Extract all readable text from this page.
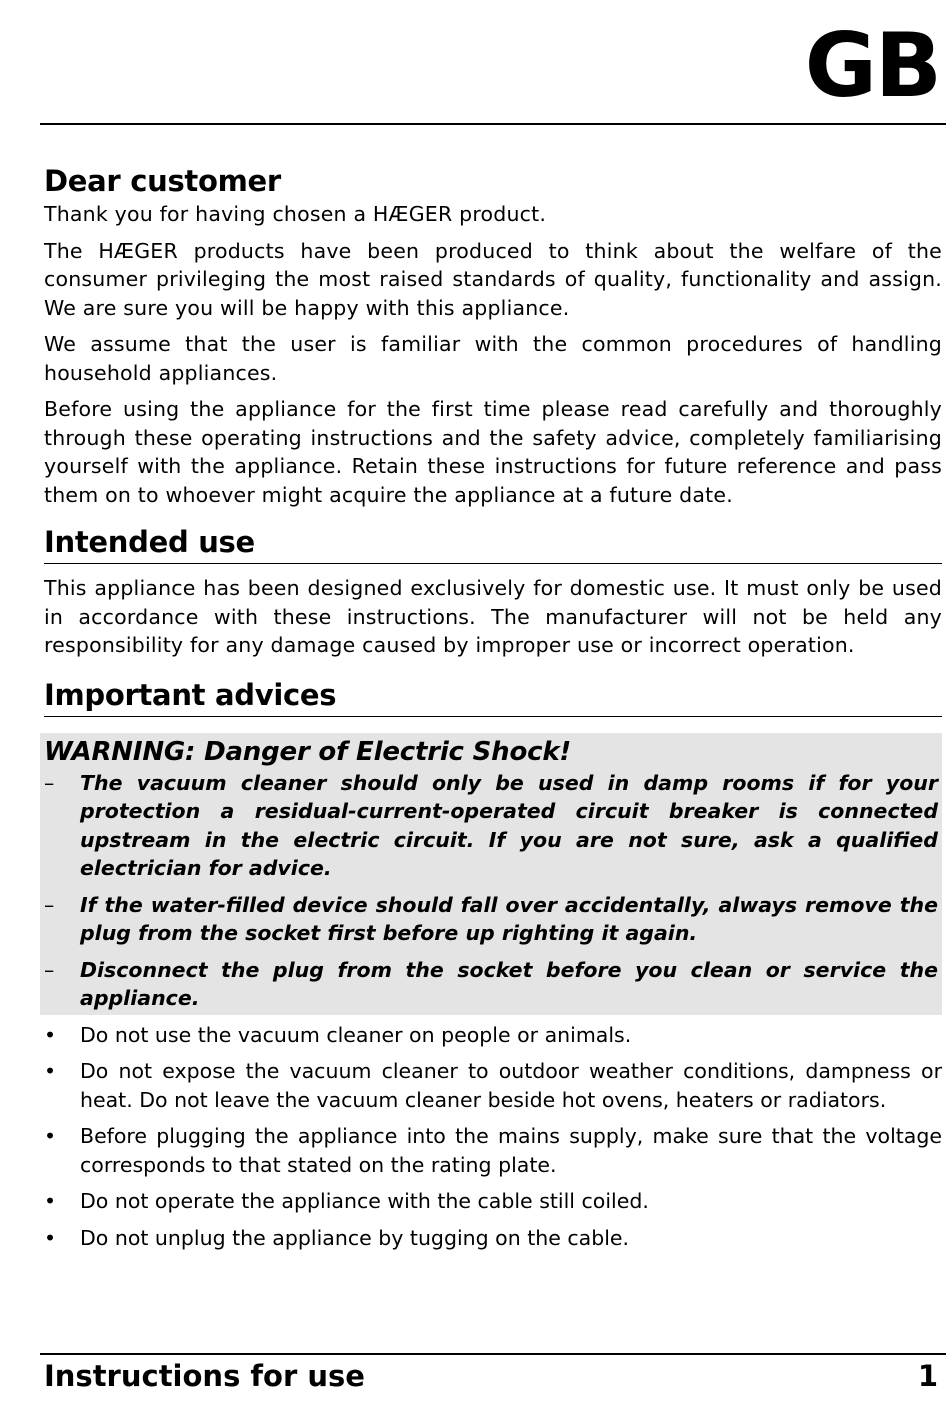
GB
Dear customer

Thank you for having chosen a HÆGER product.

The HÆGER products have been produced to think about the welfare of the consumer privileging the most raised standards of quality, functionality and assign. We are sure you will be happy with this appliance.

We assume that the user is familiar with the common procedures of handling household appliances.

Before using the appliance for the first time please read carefully and thoroughly through these operating instructions and the safety advice, completely familiarising yourself with the appliance. Retain these instructions for future reference and pass them on to whoever might acquire the appliance at a future date.

Intended use

This appliance has been designed exclusively for domestic use. It must only be used in accordance with these instructions. The manufacturer will not be held any responsibility for any damage caused by improper use or incorrect operation.

Important advices
WARNING: Danger of Electric Shock!
– The vacuum cleaner should only be used in damp rooms if for your protection a residual-current-operated circuit breaker is connected upstream in the electric circuit. If you are not sure, ask a qualified electrician for advice.
– If the water-filled device should fall over accidentally, always remove the plug from the socket first before up righting it again.
– Disconnect the plug from the socket before you clean or service the appliance.
• Do not use the vacuum cleaner on people or animals.
• Do not expose the vacuum cleaner to outdoor weather conditions, dampness or heat. Do not leave the vacuum cleaner beside hot ovens, heaters or radiators.
• Before plugging the appliance into the mains supply, make sure that the voltage corresponds to that stated on the rating plate.
• Do not operate the appliance with the cable still coiled.
• Do not unplug the appliance by tugging on the cable.
Instructions for use	1
